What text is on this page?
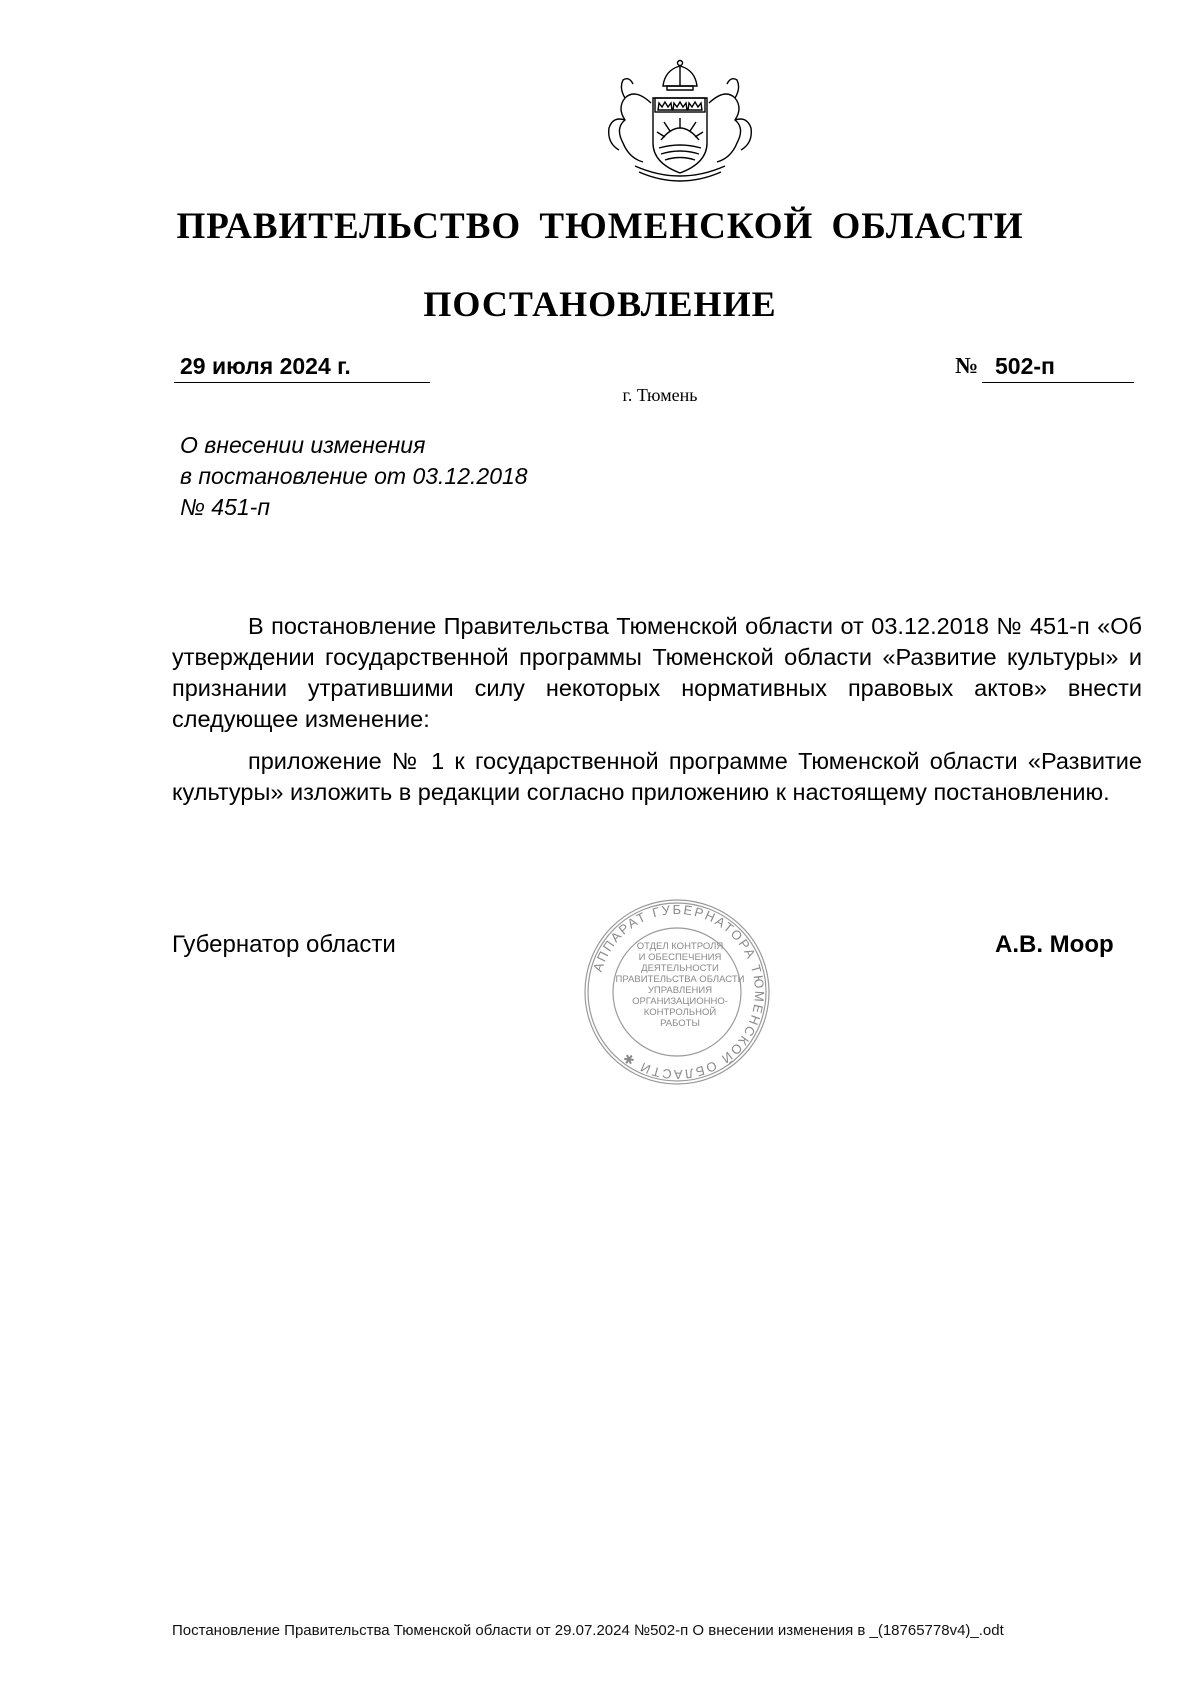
ПРАВИТЕЛЬСТВО ТЮМЕНСКОЙ ОБЛАСТИ
ПОСТАНОВЛЕНИЕ
29 июля 2024 г.	№ 502-п
г. Тюмень
О внесении изменения
в постановление от 03.12.2018
№ 451-п

В постановление Правительства Тюменской области от 03.12.2018 № 451-п «Об утверждении государственной программы Тюменской области «Развитие культуры» и признании утратившими силу некоторых нормативных правовых актов» внести следующее изменение:

приложение № 1 к государственной программе Тюменской области «Развитие культуры» изложить в редакции согласно приложению к настоящему постановлению.

Губернатор области	А.В. Моор
АППАРАТ ГУБЕРНАТОРА ТЮМЕНСКОЙ ОБЛАСТИ ✱
ОТДЕЛ КОНТРОЛЯ
И ОБЕСПЕЧЕНИЯ
ДЕЯТЕЛЬНОСТИ
ПРАВИТЕЛЬСТВА ОБЛАСТИ
УПРАВЛЕНИЯ
ОРГАНИЗАЦИОННО-
КОНТРОЛЬНОЙ
РАБОТЫ
Постановление Правительства Тюменской области от 29.07.2024 №502-п О внесении изменения в _(18765778v4)_.odt
